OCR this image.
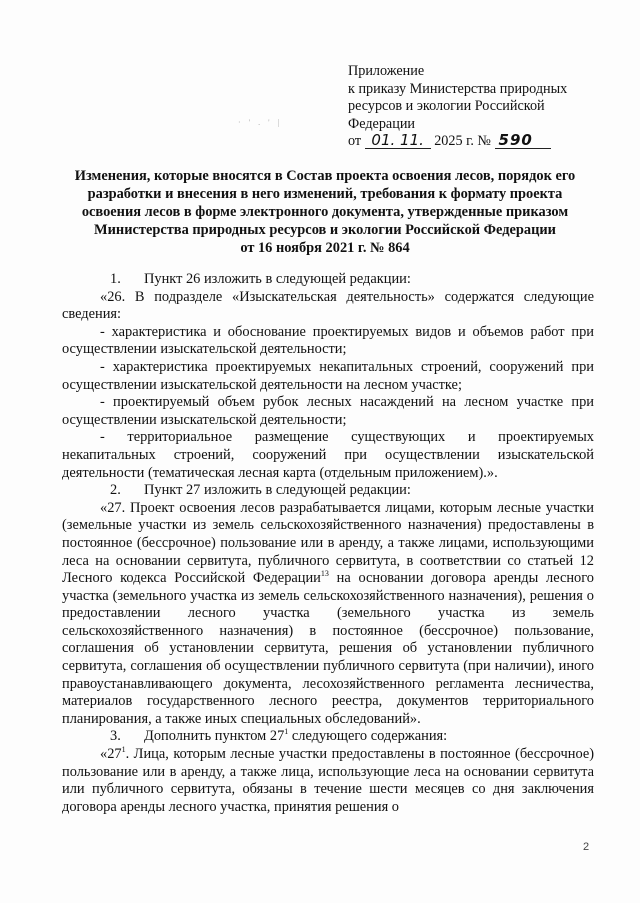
Приложение
к приказу Министерства природных
ресурсов и экологии Российской
Федерации
от 01. 11. 2025 г. № 590
· ' . ' |
Изменения, которые вносятся в Состав проекта освоения лесов, порядок его
разработки и внесения в него изменений, требования к формату проекта
освоения лесов в форме электронного документа, утвержденные приказом
Министерства природных ресурсов и экологии Российской Федерации
от 16 ноября 2021 г. № 864

1. Пункт 26 изложить в следующей редакции:

«26. В подразделе «Изыскательская деятельность» содержатся следующие сведения:

- характеристика и обоснование проектируемых видов и объемов работ при осуществлении изыскательской деятельности;

- характеристика проектируемых некапитальных строений, сооружений при осуществлении изыскательской деятельности на лесном участке;

- проектируемый объем рубок лесных насаждений на лесном участке при осуществлении изыскательской деятельности;

- территориальное размещение существующих и проектируемых некапитальных строений, сооружений при осуществлении изыскательской деятельности (тематическая лесная карта (отдельным приложением).».

2. Пункт 27 изложить в следующей редакции:

«27. Проект освоения лесов разрабатывается лицами, которым лесные участки (земельные участки из земель сельскохозяйственного назначения) предоставлены в постоянное (бессрочное) пользование или в аренду, а также лицами, использующими леса на основании сервитута, публичного сервитута, в соответствии со статьей 12 Лесного кодекса Российской Федерации$^{13}$ на основании договора аренды лесного участка (земельного участка из земель сельскохозяйственного назначения), решения о предоставлении лесного участка (земельного участка из земель сельскохозяйственного назначения) в постоянное (бессрочное) пользование, соглашения об установлении сервитута, решения об установлении публичного сервитута, соглашения об осуществлении публичного сервитута (при наличии), иного правоустанавливающего документа, лесохозяйственного регламента лесничества, материалов государственного лесного реестра, документов территориального планирования, а также иных специальных обследований».

3. Дополнить пунктом $27^1$ следующего содержания:

«$27^1$. Лица, которым лесные участки предоставлены в постоянное (бессрочное) пользование или в аренду, а также лица, использующие леса на основании сервитута или публичного сервитута, обязаны в течение шести месяцев со дня заключения договора аренды лесного участка, принятия решения о

2
